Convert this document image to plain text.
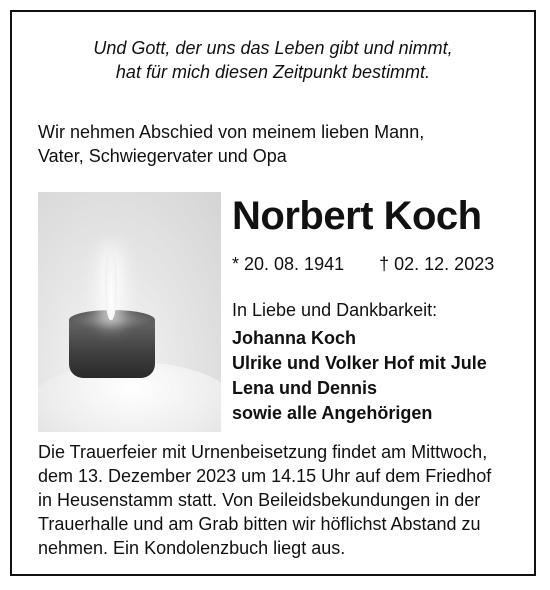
Und Gott, der uns das Leben gibt und nimmt,
hat für mich diesen Zeitpunkt bestimmt.
Wir nehmen Abschied von meinem lieben Mann,
Vater, Schwiegervater und Opa
Norbert Koch
* 20. 08. 1941 † 02. 12. 2023
In Liebe und Dankbarkeit:
Johanna Koch
Ulrike und Volker Hof mit Jule
Lena und Dennis
sowie alle Angehörigen
Die Trauerfeier mit Urnenbeisetzung findet am Mittwoch,
dem 13. Dezember 2023 um 14.15 Uhr auf dem Friedhof
in Heusenstamm statt. Von Beileidsbekundungen in der
Trauerhalle und am Grab bitten wir höflichst Abstand zu
nehmen. Ein Kondolenzbuch liegt aus.
